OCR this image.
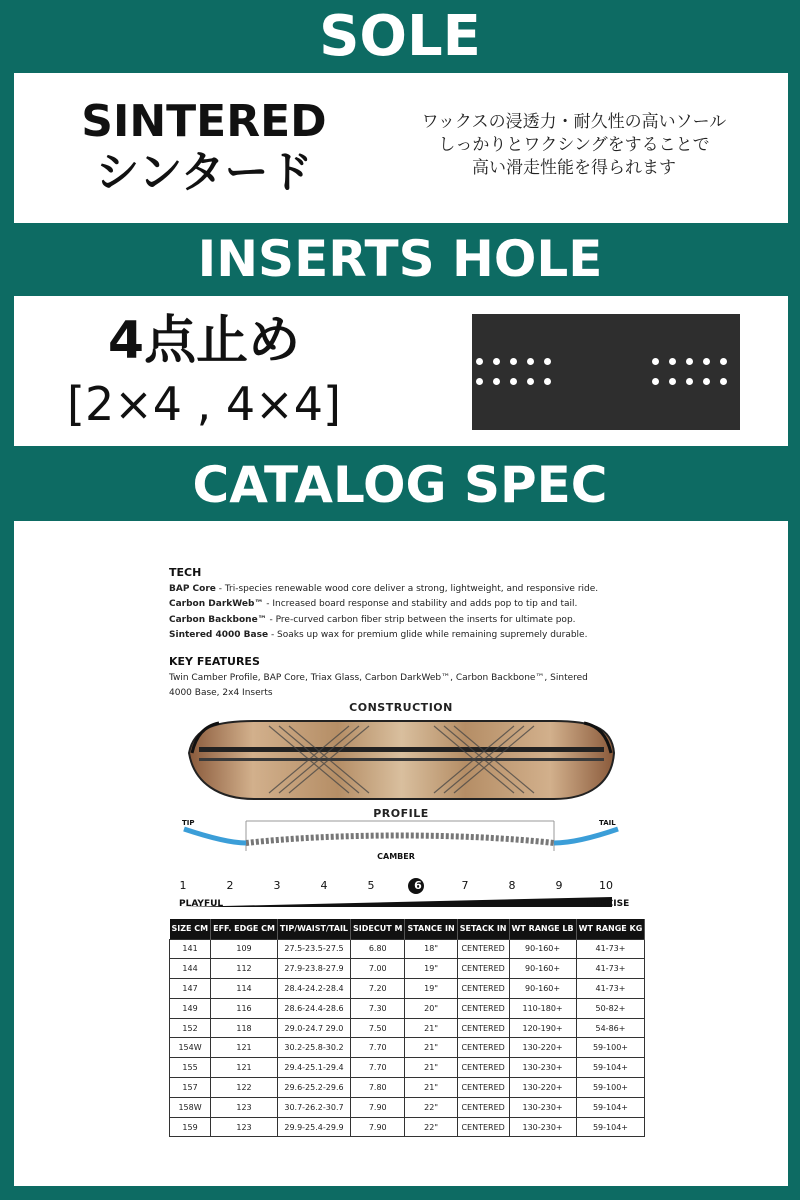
SOLE
SINTERED
シンタード
ワックスの浸透力・耐久性の高いソール
しっかりとワクシングをすることで
高い滑走性能を得られます
INSERTS HOLE
4点止め
[2×4 , 4×4]
CATALOG SPEC
TECH
BAP Core - Tri-species renewable wood core deliver a strong, lightweight, and responsive ride.
Carbon DarkWeb™ - Increased board response and stability and adds pop to tip and tail.
Carbon Backbone™ - Pre-curved carbon fiber strip between the inserts for ultimate pop.
Sintered 4000 Base - Soaks up wax for premium glide while remaining supremely durable.
KEY FEATURES
Twin Camber Profile, BAP Core, Triax Glass, Carbon DarkWeb™, Carbon Backbone™, Sintered
4000 Base, 2x4 Inserts
CONSTRUCTION
TIP	TAIL
CAMBER
PROFILE
1	2	3	4	5	6	7	8	9	10
PLAYFUL	PRECISE
SIZE CM	EFF. EDGE CM	TIP/WAIST/TAIL	SIDECUT M	STANCE IN	SETACK IN	WT RANGE LB	WT RANGE KG
141	109	27.5-23.5-27.5	6.80	18"	CENTERED	90-160+	41-73+
144	112	27.9-23.8-27.9	7.00	19"	CENTERED	90-160+	41-73+
147	114	28.4-24.2-28.4	7.20	19"	CENTERED	90-160+	41-73+
149	116	28.6-24.4-28.6	7.30	20"	CENTERED	110-180+	50-82+
152	118	29.0-24.7 29.0	7.50	21"	CENTERED	120-190+	54-86+
154W	121	30.2-25.8-30.2	7.70	21"	CENTERED	130-220+	59-100+
155	121	29.4-25.1-29.4	7.70	21"	CENTERED	130-230+	59-104+
157	122	29.6-25.2-29.6	7.80	21"	CENTERED	130-220+	59-100+
158W	123	30.7-26.2-30.7	7.90	22"	CENTERED	130-230+	59-104+
159	123	29.9-25.4-29.9	7.90	22"	CENTERED	130-230+	59-104+
